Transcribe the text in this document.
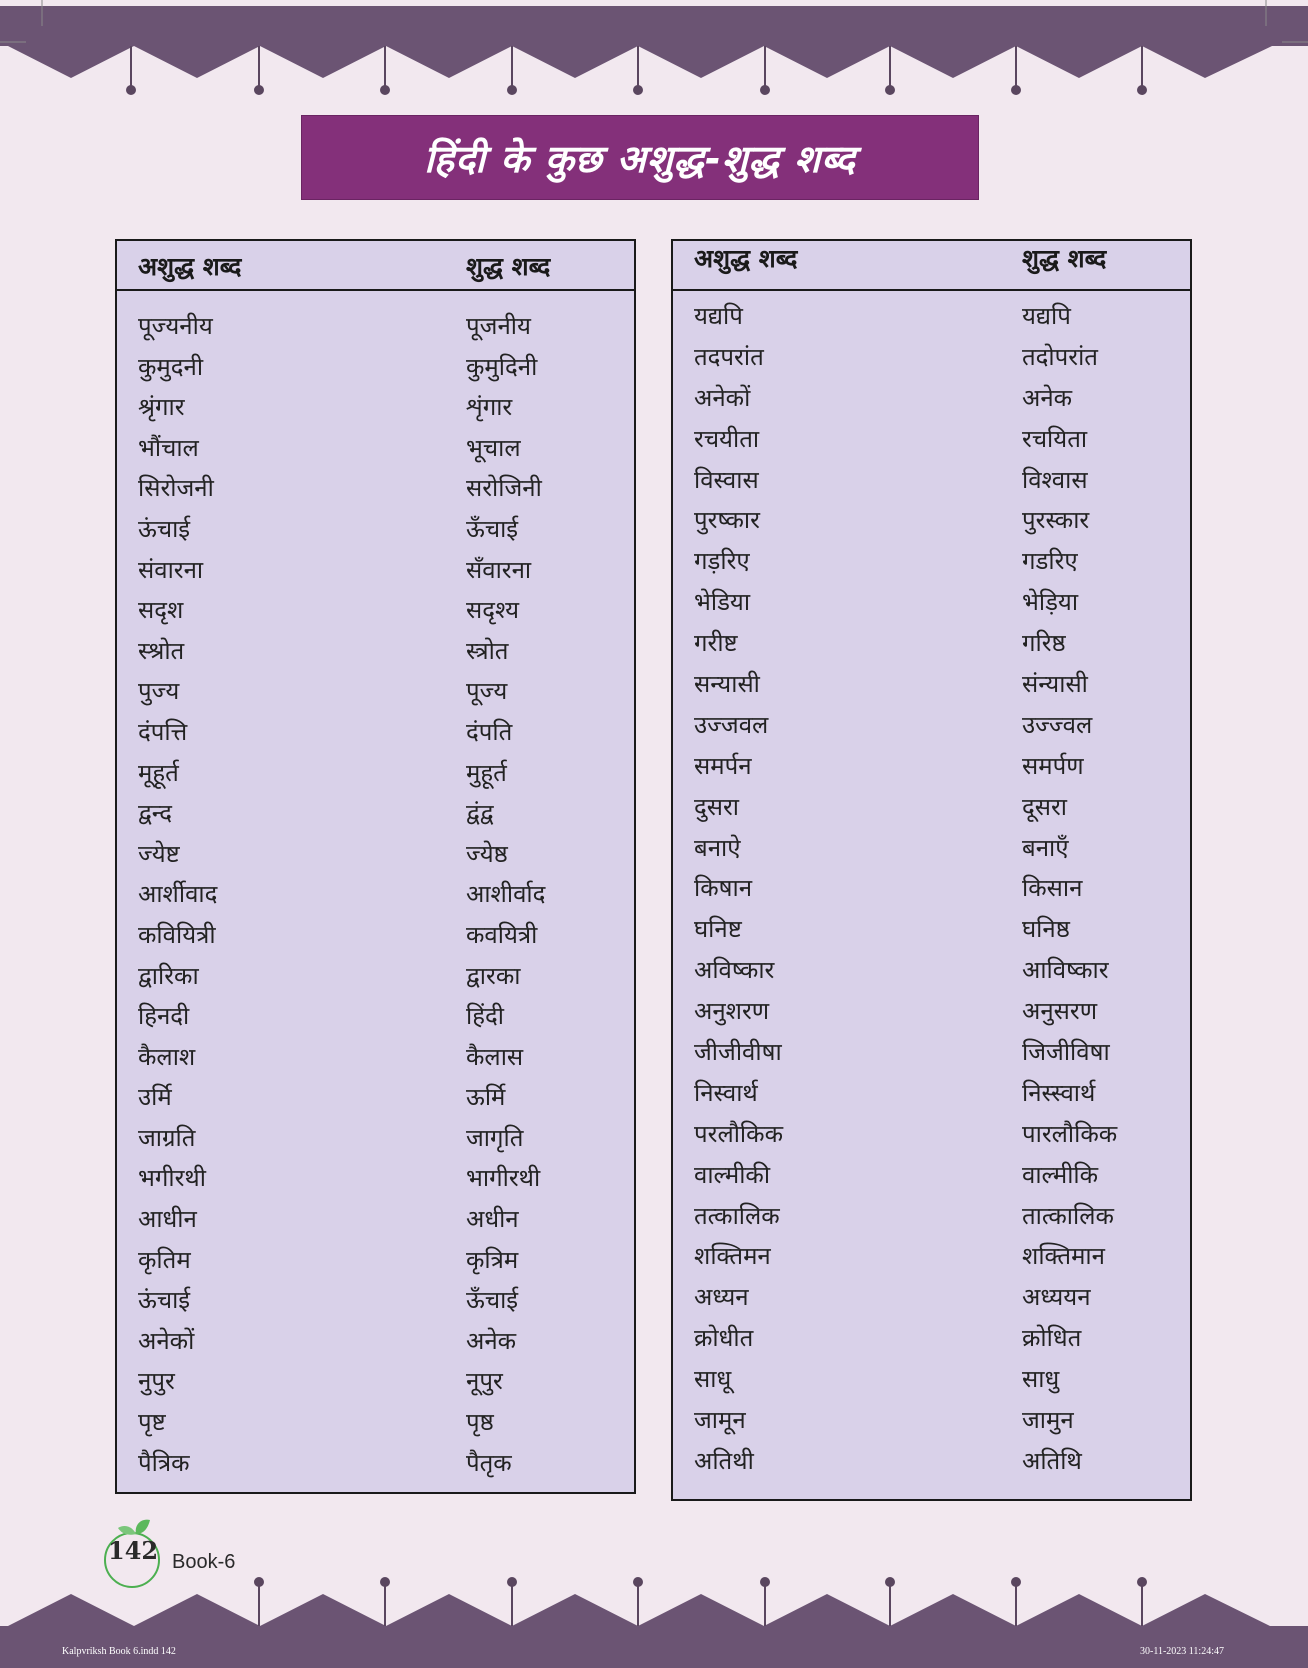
हिंदी के कुछ अशुद्ध-शुद्ध शब्द
अशुद्ध शब्द	शुद्ध शब्द
पूज्यनीय	पूजनीय
कुमुदनी	कुमुदिनी
श्रृंगार	शृंगार
भौंचाल	भूचाल
सिरोजनी	सरोजिनी
ऊंचाई	ऊँचाई
संवारना	सँवारना
सदृश	सदृश्य
स्श्रोत	स्त्रोत
पुज्य	पूज्य
दंपत्ति	दंपति
मूहूर्त	मुहूर्त
द्वन्द	द्वंद्व
ज्येष्ट	ज्येष्ठ
आर्शीवाद	आशीर्वाद
कवियित्री	कवयित्री
द्वारिका	द्वारका
हिनदी	हिंदी
कैलाश	कैलास
उर्मि	ऊर्मि
जाग्रति	जागृति
भगीरथी	भागीरथी
आधीन	अधीन
कृतिम	कृत्रिम
ऊंचाई	ऊँचाई
अनेकों	अनेक
नुपुर	नूपुर
पृष्ट	पृष्ठ
पैत्रिक	पैतृक
अशुद्ध शब्द	शुद्ध शब्द
यद्यपि	यद्यपि
तदपरांत	तदोपरांत
अनेकों	अनेक
रचयीता	रचयिता
विस्वास	विश्वास
पुरष्कार	पुरस्कार
गड़रिए	गडरिए
भेडिया	भेड़िया
गरीष्ट	गरिष्ठ
सन्यासी	संन्यासी
उज्जवल	उज्ज्वल
समर्पन	समर्पण
दुसरा	दूसरा
बनाऐ	बनाएँ
किषान	किसान
घनिष्ट	घनिष्ठ
अविष्कार	आविष्कार
अनुशरण	अनुसरण
जीजीवीषा	जिजीविषा
निस्वार्थ	निस्स्वार्थ
परलौकिक	पारलौकिक
वाल्मीकी	वाल्मीकि
तत्कालिक	तात्कालिक
शक्तिमन	शक्तिमान
अध्यन	अध्ययन
क्रोधीत	क्रोधित
साधू	साधु
जामून	जामुन
अतिथी	अतिथि
142 Book-6
Kalpvriksh Book 6.indd 142	30-11-2023 11:24:47
